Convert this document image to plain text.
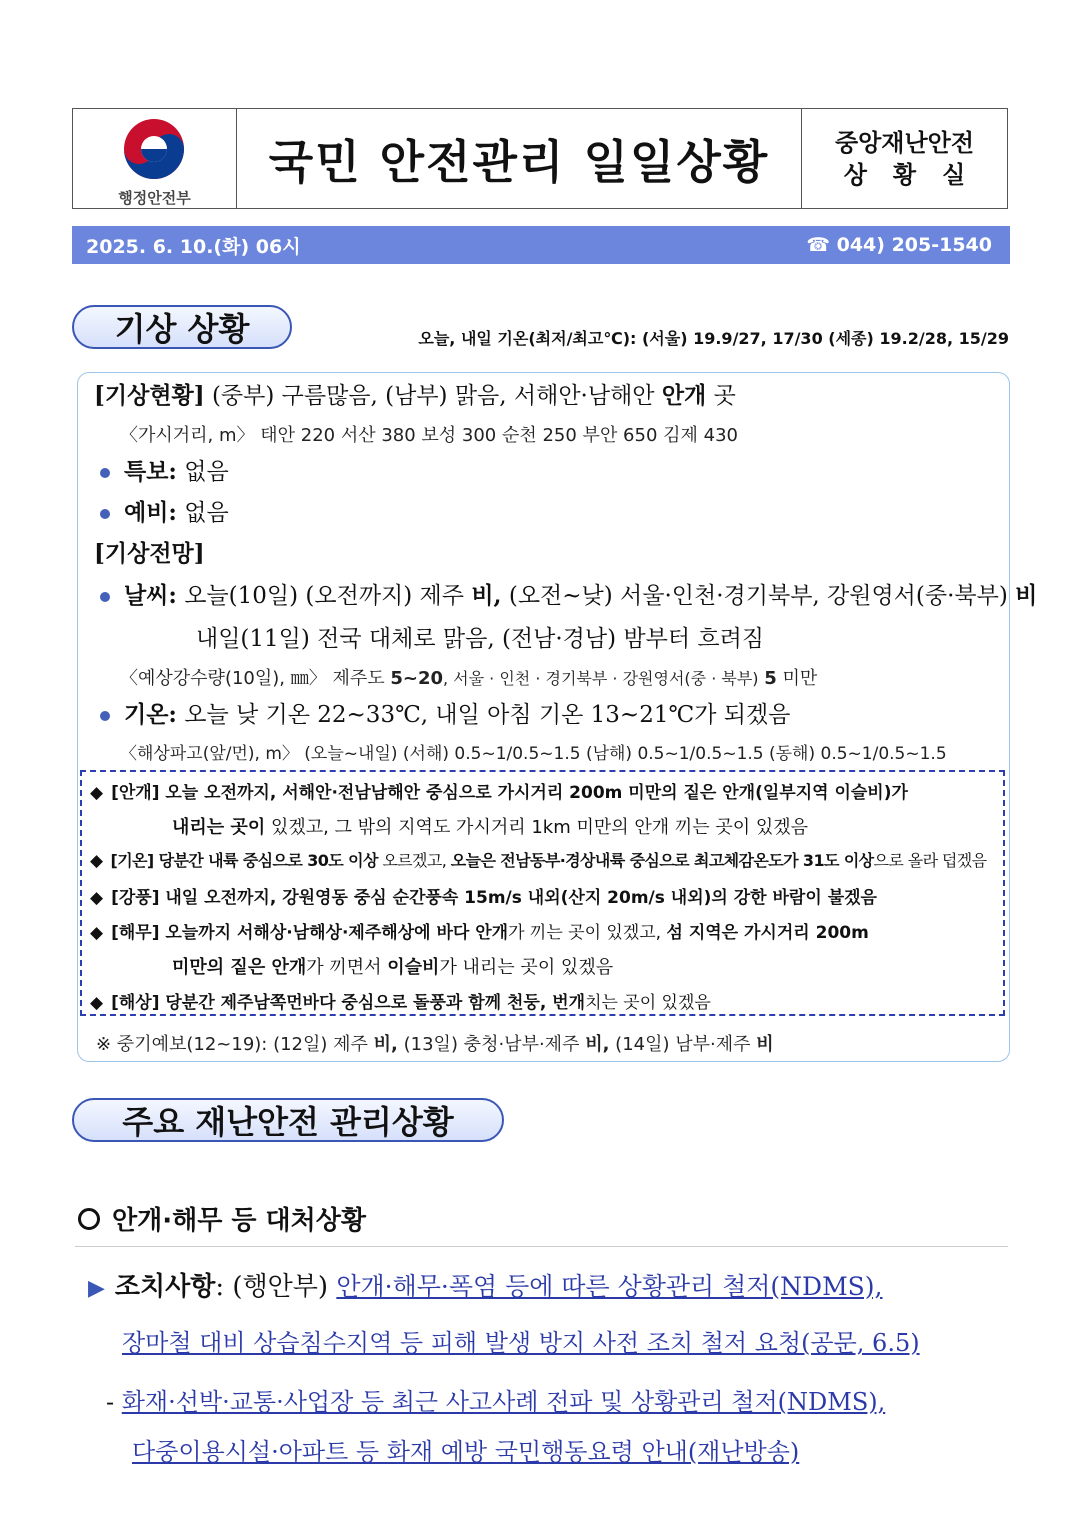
행정안전부
국민 안전관리 일일상황	중앙재난안전
상황실
2025. 6. 10.(화) 06시	☎ 044) 205-1540
기상 상황	오늘, 내일 기온(최저/최고℃): (서울) 19.9/27, 17/30 (세종) 19.2/28, 15/29
[기상현황] (중부) 구름많음, (남부) 맑음, 서해안·남해안 안개 곳
〈가시거리, m〉 태안 220 서산 380 보성 300 순천 250 부안 650 김제 430
특보: 없음
예비: 없음
[기상전망]
날씨: 오늘(10일) (오전까지) 제주 비, (오전~낮) 서울·인천·경기북부, 강원영서(중·북부) 비
내일(11일) 전국 대체로 맑음, (전남·경남) 밤부터 흐려짐
〈예상강수량(10일), ㎜〉 제주도 5~20, 서울 · 인천 · 경기북부 · 강원영서(중 · 북부) 5 미만
기온: 오늘 낮 기온 22~33℃, 내일 아침 기온 13~21℃가 되겠음
〈해상파고(앞/먼), m〉 (오늘~내일) (서해) 0.5~1/0.5~1.5 (남해) 0.5~1/0.5~1.5 (동해) 0.5~1/0.5~1.5
◆ [안개] 오늘 오전까지, 서해안·전남남해안 중심으로 가시거리 200m 미만의 짙은 안개(일부지역 이슬비)가
내리는 곳이 있겠고, 그 밖의 지역도 가시거리 1km 미만의 안개 끼는 곳이 있겠음
◆ [기온] 당분간 내륙 중심으로 30도 이상 오르겠고, 오늘은 전남동부·경상내륙 중심으로 최고체감온도가 31도 이상으로 올라 덥겠음
◆ [강풍] 내일 오전까지, 강원영동 중심 순간풍속 15m/s 내외(산지 20m/s 내외)의 강한 바람이 불겠음
◆ [해무] 오늘까지 서해상·남해상·제주해상에 바다 안개가 끼는 곳이 있겠고, 섬 지역은 가시거리 200m
미만의 짙은 안개가 끼면서 이슬비가 내리는 곳이 있겠음
◆ [해상] 당분간 제주남쪽먼바다 중심으로 돌풍과 함께 천둥, 번개치는 곳이 있겠음
※ 중기예보(12~19): (12일) 제주 비, (13일) 충청·남부·제주 비, (14일) 남부·제주 비
주요 재난안전 관리상황
안개·해무 등 대처상황
▶ 조치사항: (행안부) 안개·해무·폭염 등에 따른 상황관리 철저(NDMS),
장마철 대비 상습침수지역 등 피해 발생 방지 사전 조치 철저 요청(공문, 6.5)
- 화재·선박·교통·사업장 등 최근 사고사례 전파 및 상황관리 철저(NDMS),
다중이용시설·아파트 등 화재 예방 국민행동요령 안내(재난방송)
